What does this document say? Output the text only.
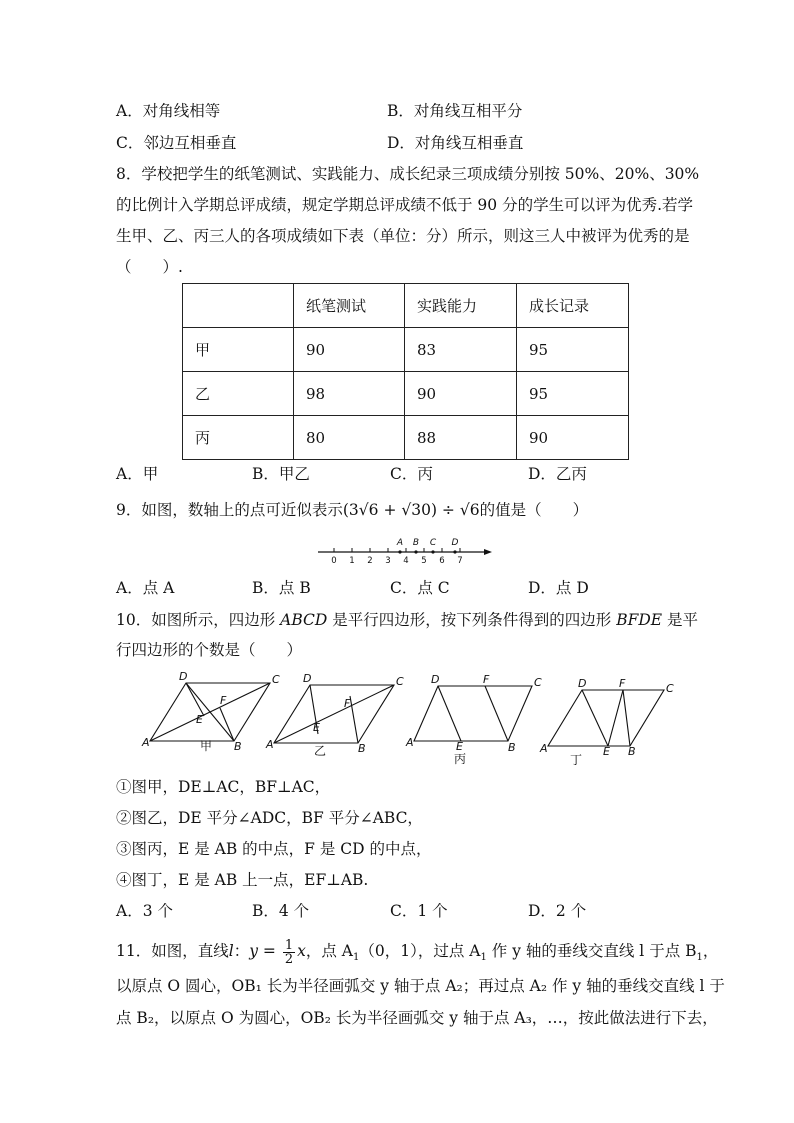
A．对角线相等	B．对角线互相平分
C．邻边互相垂直	D．对角线互相垂直
8．学校把学生的纸笔测试、实践能力、成长纪录三项成绩分别按 50%、20%、30%
的比例计入学期总评成绩，规定学期总评成绩不低于 90 分的学生可以评为优秀.若学
生甲、乙、丙三人的各项成绩如下表（单位：分）所示，则这三人中被评为优秀的是
（　　）.
	纸笔测试	实践能力	成长记录
甲	90	83	95
乙	98	90	95
丙	80	88	90
A．甲	B．甲乙	C．丙	D．乙丙
9．如图，数轴上的点可近似表示(3√6 + √30) ÷ √6的值是（　　）
0 1 2 3 4 5 6 7
A B C D
A．点 A	B．点 B	C．点 C	D．点 D
10．如图所示，四边形 ABCD 是平行四边形，按下列条件得到的四边形 BFDE 是平
行四边形的个数是（　　）
A	B
C
D
E
F
A	B
C
D
E
F
A	B
C
D
E
F
A	B
C
D
E
F
甲	乙
丙	丁
①图甲，DE⊥AC，BF⊥AC，
②图乙，DE 平分∠ADC，BF 平分∠ABC，
③图丙，E 是 AB 的中点，F 是 CD 的中点，
④图丁，E 是 AB 上一点，EF⊥AB.
A．3 个	B．4 个	C．1 个	D．2 个
11．如图，直线l：$y = \frac{1}{2}$ x，点 $A_1(0$，1），过点 $A_1$ 作 y 轴的垂线交直线 l 于点 $B_1$，
以原点 O 圆心，OB₁ 长为半径画弧交 y 轴于点 A₂；再过点 A₂ 作 y 轴的垂线交直线 l 于
点 B₂，以原点 O 为圆心，OB₂ 长为半径画弧交 y 轴于点 A₃，…，按此做法进行下去，
